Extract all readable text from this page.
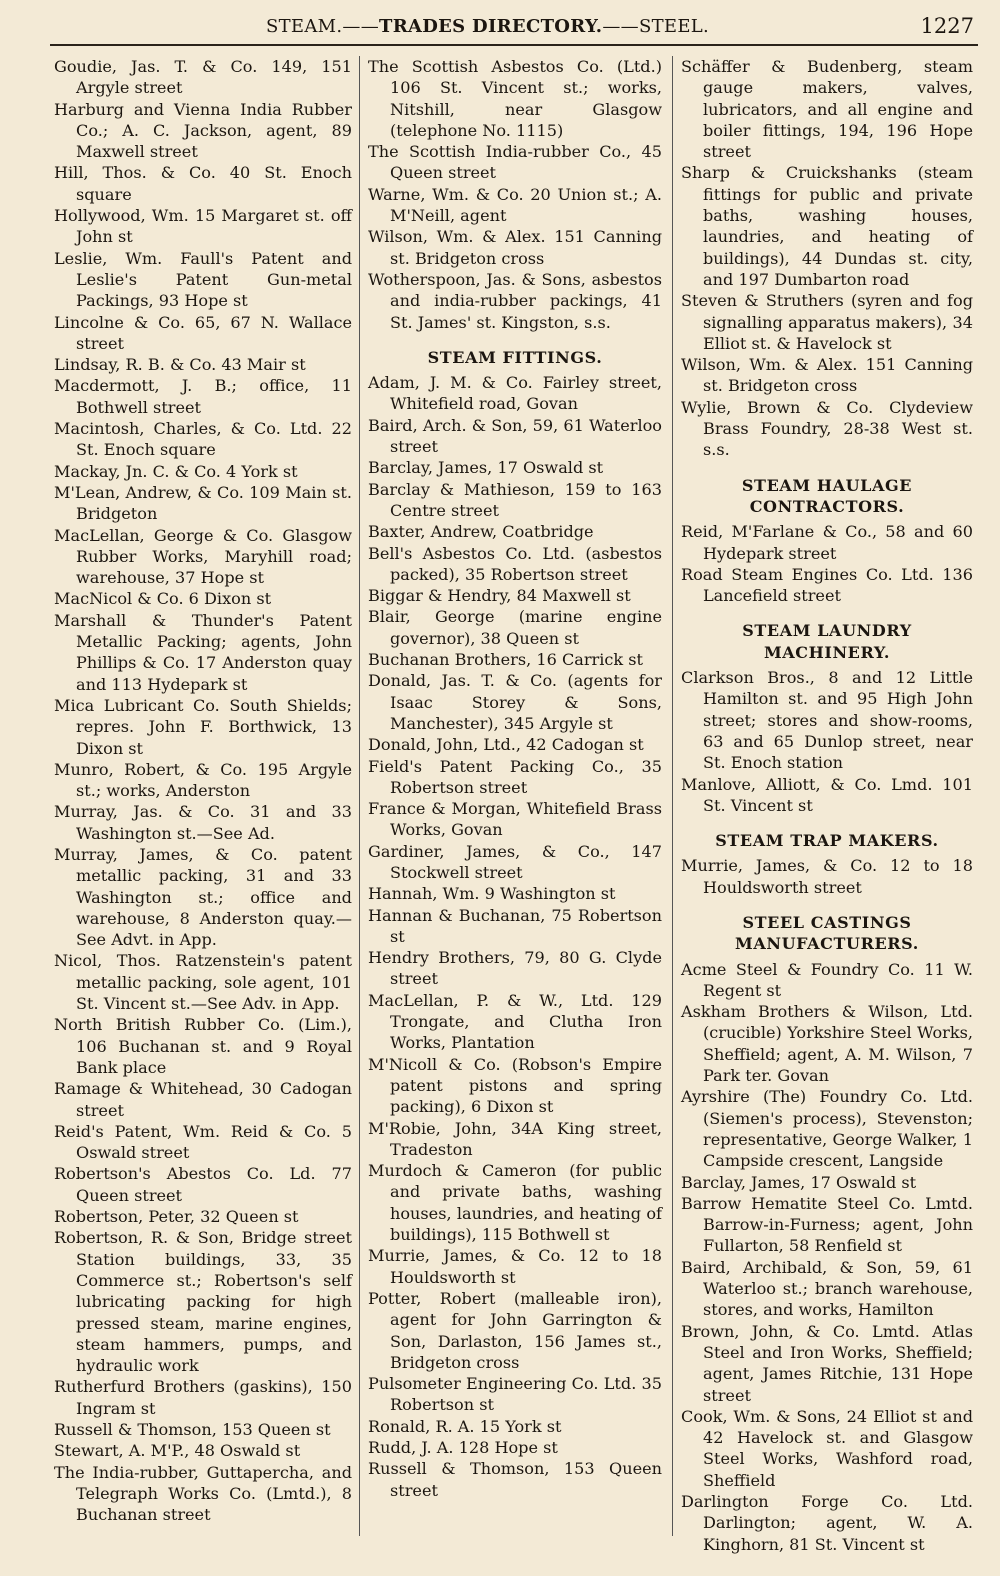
STEAM.——TRADES DIRECTORY.——STEEL.	1227
Goudie, Jas. T. & Co. 149, 151 Argyle street
Harburg and Vienna India Rubber Co.; A. C. Jackson, agent, 89 Maxwell street
Hill, Thos. & Co. 40 St. Enoch square
Hollywood, Wm. 15 Margaret st. off John st
Leslie, Wm. Faull's Patent and Leslie's Patent Gun-metal Packings, 93 Hope st
Lincolne & Co. 65, 67 N. Wallace street
Lindsay, R. B. & Co. 43 Mair st
Macdermott, J. B.; office, 11 Bothwell street
Macintosh, Charles, & Co. Ltd. 22 St. Enoch square
Mackay, Jn. C. & Co. 4 York st
M'Lean, Andrew, & Co. 109 Main st. Bridgeton
MacLellan, George & Co. Glasgow Rubber Works, Maryhill road; warehouse, 37 Hope st
MacNicol & Co. 6 Dixon st
Marshall & Thunder's Patent Metallic Packing; agents, John Phillips & Co. 17 Anderston quay and 113 Hydepark st
Mica Lubricant Co. South Shields; repres. John F. Borthwick, 13 Dixon st
Munro, Robert, & Co. 195 Argyle st.; works, Anderston
Murray, Jas. & Co. 31 and 33 Washington st.—See Ad.
Murray, James, & Co. patent metallic packing, 31 and 33 Washington st.; office and warehouse, 8 Anderston quay.—See Advt. in App.
Nicol, Thos. Ratzenstein's patent metallic packing, sole agent, 101 St. Vincent st.—See Adv. in App.
North British Rubber Co. (Lim.), 106 Buchanan st. and 9 Royal Bank place
Ramage & Whitehead, 30 Cadogan street
Reid's Patent, Wm. Reid & Co. 5 Oswald street
Robertson's Abestos Co. Ld. 77 Queen street
Robertson, Peter, 32 Queen st
Robertson, R. & Son, Bridge street Station buildings, 33, 35 Commerce st.; Robertson's self lubricating packing for high pressed steam, marine engines, steam hammers, pumps, and hydraulic work
Rutherfurd Brothers (gaskins), 150 Ingram st
Russell & Thomson, 153 Queen st
Stewart, A. M'P., 48 Oswald st
The India-rubber, Guttapercha, and Telegraph Works Co. (Lmtd.), 8 Buchanan street
The Scottish Asbestos Co. (Ltd.) 106 St. Vincent st.; works, Nitshill, near Glasgow (telephone No. 1115)
The Scottish India-rubber Co., 45 Queen street
Warne, Wm. & Co. 20 Union st.; A. M'Neill, agent
Wilson, Wm. & Alex. 151 Canning st. Bridgeton cross
Wotherspoon, Jas. & Sons, asbestos and india-rubber packings, 41 St. James' st. Kingston, s.s.
STEAM FITTINGS.
Adam, J. M. & Co. Fairley street, Whitefield road, Govan
Baird, Arch. & Son, 59, 61 Waterloo street
Barclay, James, 17 Oswald st
Barclay & Mathieson, 159 to 163 Centre street
Baxter, Andrew, Coatbridge
Bell's Asbestos Co. Ltd. (asbestos packed), 35 Robertson street
Biggar & Hendry, 84 Maxwell st
Blair, George (marine engine governor), 38 Queen st
Buchanan Brothers, 16 Carrick st
Donald, Jas. T. & Co. (agents for Isaac Storey & Sons, Manchester), 345 Argyle st
Donald, John, Ltd., 42 Cadogan st
Field's Patent Packing Co., 35 Robertson street
France & Morgan, Whitefield Brass Works, Govan
Gardiner, James, & Co., 147 Stockwell street
Hannah, Wm. 9 Washington st
Hannan & Buchanan, 75 Robertson st
Hendry Brothers, 79, 80 G. Clyde street
MacLellan, P. & W., Ltd. 129 Trongate, and Clutha Iron Works, Plantation
M'Nicoll & Co. (Robson's Empire patent pistons and spring packing), 6 Dixon st
M'Robie, John, 34A King street, Tradeston
Murdoch & Cameron (for public and private baths, washing houses, laundries, and heating of buildings), 115 Bothwell st
Murrie, James, & Co. 12 to 18 Houldsworth st
Potter, Robert (malleable iron), agent for John Garrington & Son, Darlaston, 156 James st., Bridgeton cross
Pulsometer Engineering Co. Ltd. 35 Robertson st
Ronald, R. A. 15 York st
Rudd, J. A. 128 Hope st
Russell & Thomson, 153 Queen street
Schäffer & Budenberg, steam gauge makers, valves, lubricators, and all engine and boiler fittings, 194, 196 Hope street
Sharp & Cruickshanks (steam fittings for public and private baths, washing houses, laundries, and heating of buildings), 44 Dundas st. city, and 197 Dumbarton road
Steven & Struthers (syren and fog signalling apparatus makers), 34 Elliot st. & Havelock st
Wilson, Wm. & Alex. 151 Canning st. Bridgeton cross
Wylie, Brown & Co. Clydeview Brass Foundry, 28-38 West st. s.s.
STEAM HAULAGE CONTRACTORS.
Reid, M'Farlane & Co., 58 and 60 Hydepark street
Road Steam Engines Co. Ltd. 136 Lancefield street
STEAM LAUNDRY MACHINERY.
Clarkson Bros., 8 and 12 Little Hamilton st. and 95 High John street; stores and show-rooms, 63 and 65 Dunlop street, near St. Enoch station
Manlove, Alliott, & Co. Lmd. 101 St. Vincent st
STEAM TRAP MAKERS.
Murrie, James, & Co. 12 to 18 Houldsworth street
STEEL CASTINGS MANUFACTURERS.
Acme Steel & Foundry Co. 11 W. Regent st
Askham Brothers & Wilson, Ltd. (crucible) Yorkshire Steel Works, Sheffield; agent, A. M. Wilson, 7 Park ter. Govan
Ayrshire (The) Foundry Co. Ltd. (Siemen's process), Stevenston; representative, George Walker, 1 Campside crescent, Langside
Barclay, James, 17 Oswald st
Barrow Hematite Steel Co. Lmtd. Barrow-in-Furness; agent, John Fullarton, 58 Renfield st
Baird, Archibald, & Son, 59, 61 Waterloo st.; branch warehouse, stores, and works, Hamilton
Brown, John, & Co. Lmtd. Atlas Steel and Iron Works, Sheffield; agent, James Ritchie, 131 Hope street
Cook, Wm. & Sons, 24 Elliot st and 42 Havelock st. and Glasgow Steel Works, Washford road, Sheffield
Darlington Forge Co. Ltd. Darlington; agent, W. A. Kinghorn, 81 St. Vincent st
